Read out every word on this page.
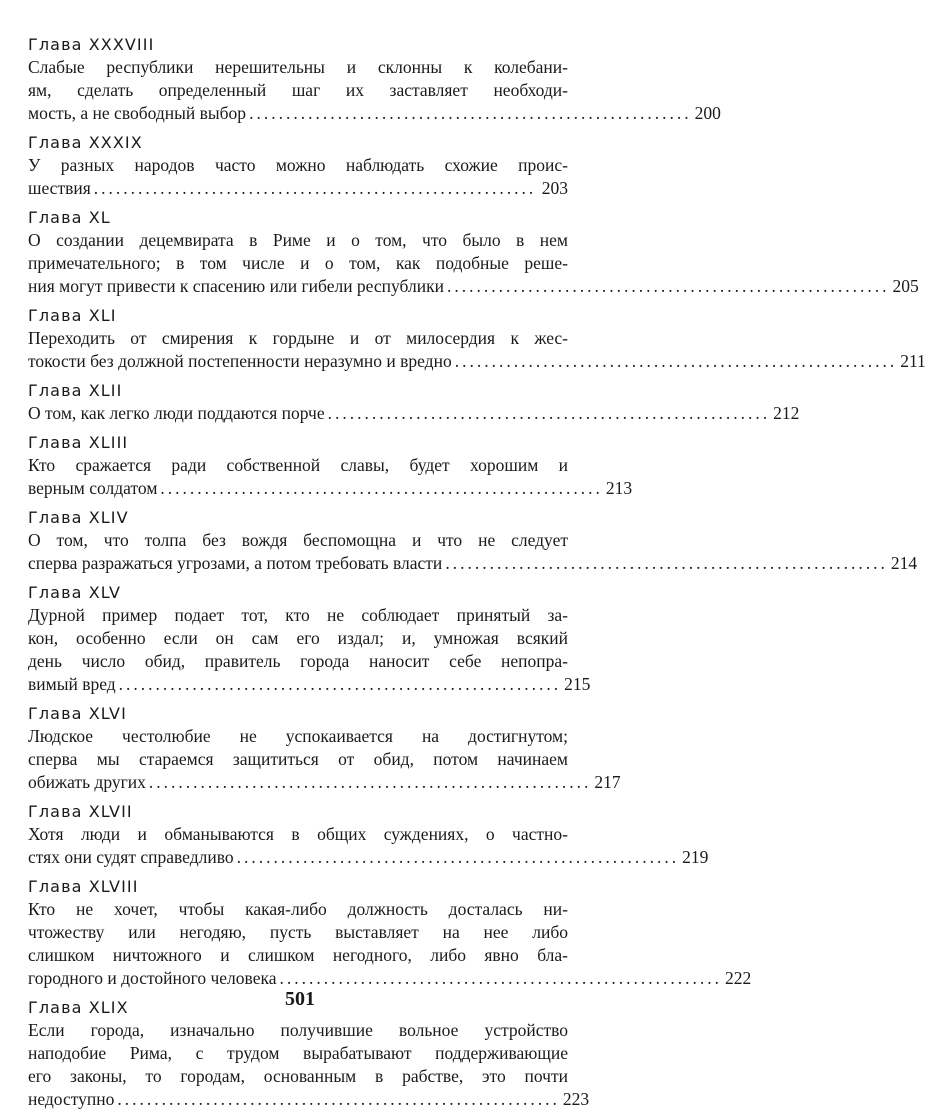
Глава XXXVIII
Слабые республики нерешительны и склонны к колебани-
ям, сделать определенный шаг их заставляет необходи-
мость, а не свободный выбор ............................................................ 200
Глава XXXIX
У разных народов часто можно наблюдать схожие проис-
шествия ............................................................ 203
Глава XL
О создании децемвирата в Риме и о том, что было в нем
примечательного; в том числе и о том, как подобные реше-
ния могут привести к спасению или гибели республики ............................................................ 205
Глава XLI
Переходить от смирения к гордыне и от милосердия к жес-
токости без должной постепенности неразумно и вредно ............................................................ 211
Глава XLII
О том, как легко люди поддаются порче ............................................................ 212
Глава XLIII
Кто сражается ради собственной славы, будет хорошим и
верным солдатом ............................................................ 213
Глава XLIV
О том, что толпа без вождя беспомощна и что не следует
сперва разражаться угрозами, а потом требовать власти ............................................................ 214
Глава XLV
Дурной пример подает тот, кто не соблюдает принятый за-
кон, особенно если он сам его издал; и, умножая всякий
день число обид, правитель города наносит себе непопра-
вимый вред ............................................................ 215
Глава XLVI
Людское честолюбие не успокаивается на достигнутом;
сперва мы стараемся защититься от обид, потом начинаем
обижать других ............................................................ 217
Глава XLVII
Хотя люди и обманываются в общих суждениях, о частно-
стях они судят справедливо ............................................................ 219
Глава XLVIII
Кто не хочет, чтобы какая-либо должность досталась ни-
чтожеству или негодяю, пусть выставляет на нее либо
слишком ничтожного и слишком негодного, либо явно бла-
городного и достойного человека ............................................................ 222
Глава XLIX
Если города, изначально получившие вольное устройство
наподобие Рима, с трудом вырабатывают поддерживающие
его законы, то городам, основанным в рабстве, это почти
недоступно ............................................................ 223
501
